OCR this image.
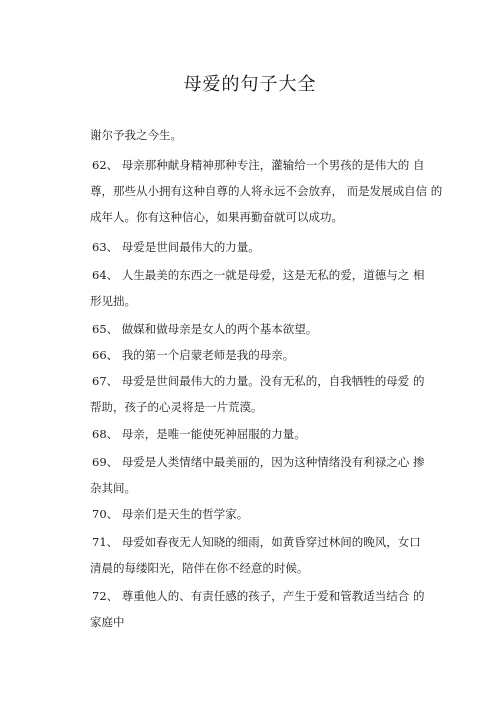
母爱的句子大全
谢尔予我之今生。
62、 母亲那种献身精神那种专注，灌输给一个男孩的是伟大的 自
尊，那些从小拥有这种自尊的人将永远不会放弃， 而是发展成自信 的
成年人。你有这种信心，如果再勤奋就可以成功。
63、 母爱是世间最伟大的力量。
64、 人生最美的东西之一就是母爱，这是无私的爱，道德与之 相
形见拙。
65、 做媒和做母亲是女人的两个基本欲望。
66、 我的第一个启蒙老师是我的母亲。
67、 母爱是世间最伟大的力量。没有无私的，自我牺牲的母爱 的
帮助，孩子的心灵将是一片荒漠。
68、 母亲，是唯一能使死神屈服的力量。
69、 母爱是人类情绪中最美丽的，因为这种情绪没有利禄之心 掺
杂其间。
70、 母亲们是天生的哲学家。
71、 母爱如春夜无人知晓的细雨，如黄昏穿过林间的晚风，女口
清晨的每缕阳光，陪伴在你不经意的时候。
72、 尊重他人的、有责任感的孩子，产生于爱和管教适当结合 的
家庭中
